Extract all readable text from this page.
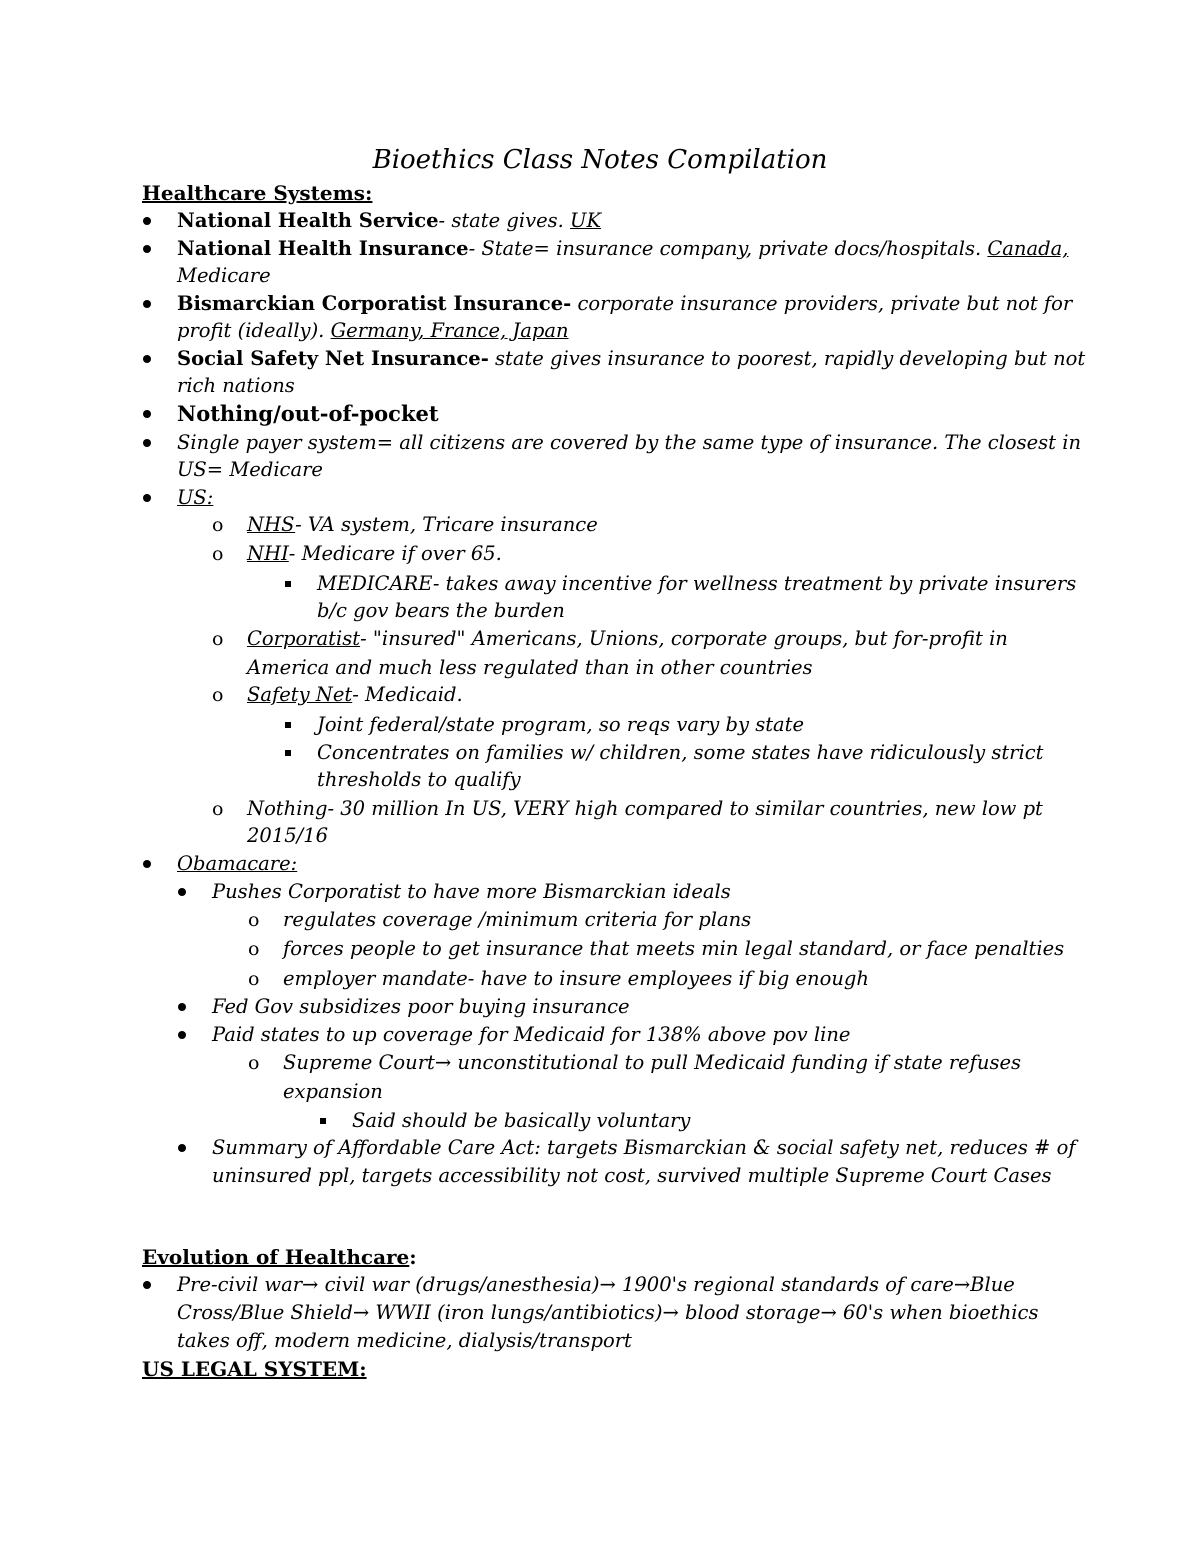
Bioethics Class Notes Compilation
Healthcare Systems:
National Health Service- state gives. UK
National Health Insurance- State= insurance company, private docs/hospitals. Canada,
Medicare
Bismarckian Corporatist Insurance- corporate insurance providers, private but not for
profit (ideally). Germany, France, Japan
Social Safety Net Insurance- state gives insurance to poorest, rapidly developing but not
rich nations
Nothing/out-of-pocket
Single payer system= all citizens are covered by the same type of insurance. The closest in
US= Medicare
US:
o NHS- VA system, Tricare insurance
o NHI- Medicare if over 65.
MEDICARE- takes away incentive for wellness treatment by private insurers
b/c gov bears the burden
o Corporatist- "insured" Americans, Unions, corporate groups, but for-profit in
America and much less regulated than in other countries
o Safety Net- Medicaid.
Joint federal/state program, so reqs vary by state
Concentrates on families w/ children, some states have ridiculously strict
thresholds to qualify
o Nothing- 30 million In US, VERY high compared to similar countries, new low pt
2015/16
Obamacare:
Pushes Corporatist to have more Bismarckian ideals
o regulates coverage /minimum criteria for plans
o forces people to get insurance that meets min legal standard, or face penalties
o employer mandate- have to insure employees if big enough
Fed Gov subsidizes poor buying insurance
Paid states to up coverage for Medicaid for 138% above pov line
o Supreme Court→ unconstitutional to pull Medicaid funding if state refuses
expansion
Said should be basically voluntary
Summary of Affordable Care Act: targets Bismarckian & social safety net, reduces # of
uninsured ppl, targets accessibility not cost, survived multiple Supreme Court Cases
Evolution of Healthcare:
Pre-civil war→ civil war (drugs/anesthesia)→ 1900's regional standards of care→Blue
Cross/Blue Shield→ WWII (iron lungs/antibiotics)→ blood storage→ 60's when bioethics
takes off, modern medicine, dialysis/transport
US LEGAL SYSTEM:
